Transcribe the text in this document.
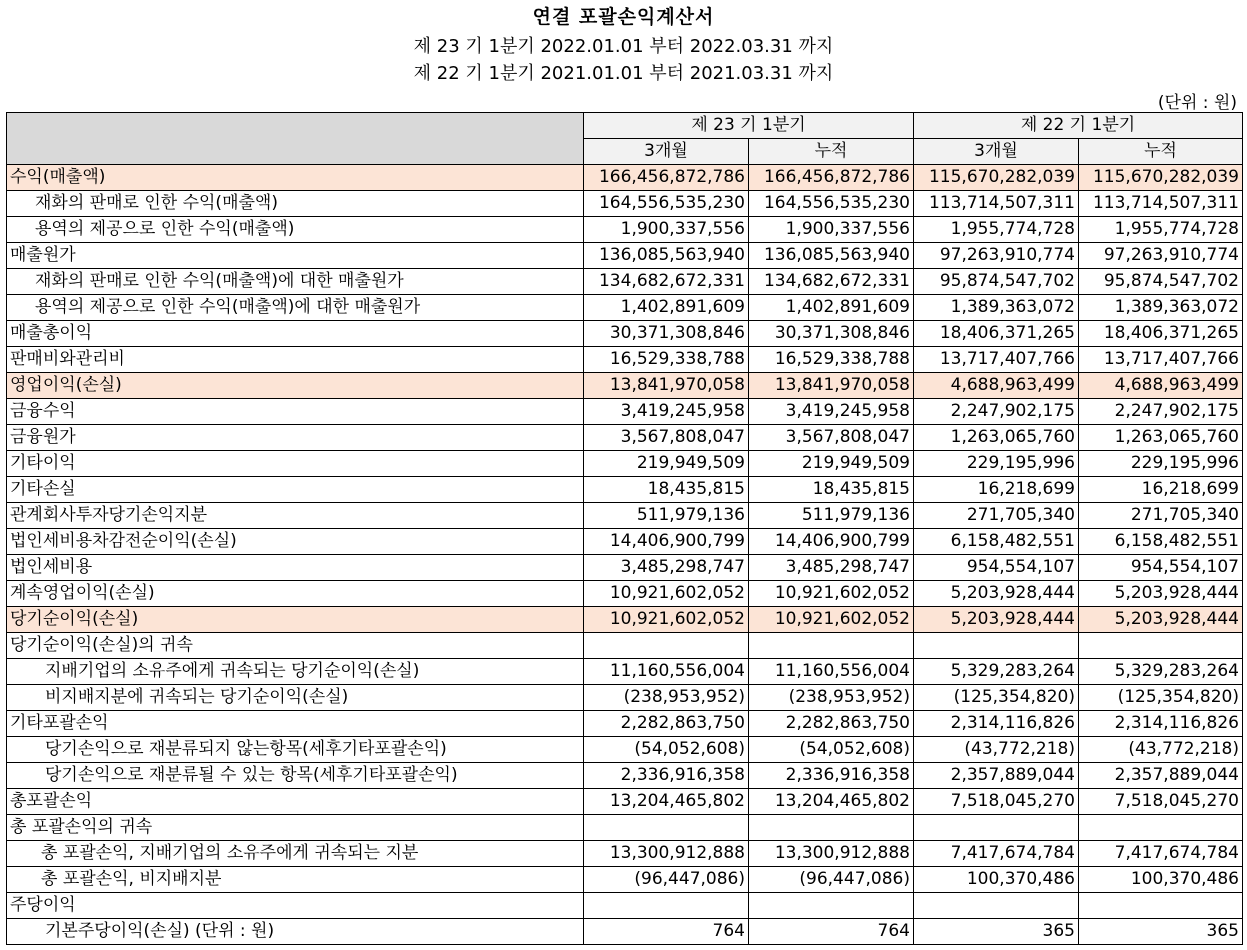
연결 포괄손익계산서
제 23 기 1분기 2022.01.01 부터 2022.03.31 까지
제 22 기 1분기 2021.01.01 부터 2021.03.31 까지
(단위 : 원)
	제 23 기 1분기		제 22 기 1분기	
	3개월	누적	3개월	누적
수익(매출액)	166,456,872,786	166,456,872,786	115,670,282,039	115,670,282,039
재화의 판매로 인한 수익(매출액)	164,556,535,230	164,556,535,230	113,714,507,311	113,714,507,311
용역의 제공으로 인한 수익(매출액)	1,900,337,556	1,900,337,556	1,955,774,728	1,955,774,728
매출원가	136,085,563,940	136,085,563,940	97,263,910,774	97,263,910,774
재화의 판매로 인한 수익(매출액)에 대한 매출원가	134,682,672,331	134,682,672,331	95,874,547,702	95,874,547,702
용역의 제공으로 인한 수익(매출액)에 대한 매출원가	1,402,891,609	1,402,891,609	1,389,363,072	1,389,363,072
매출총이익	30,371,308,846	30,371,308,846	18,406,371,265	18,406,371,265
판매비와관리비	16,529,338,788	16,529,338,788	13,717,407,766	13,717,407,766
영업이익(손실)	13,841,970,058	13,841,970,058	4,688,963,499	4,688,963,499
금융수익	3,419,245,958	3,419,245,958	2,247,902,175	2,247,902,175
금융원가	3,567,808,047	3,567,808,047	1,263,065,760	1,263,065,760
기타이익	219,949,509	219,949,509	229,195,996	229,195,996
기타손실	18,435,815	18,435,815	16,218,699	16,218,699
관계회사투자당기손익지분	511,979,136	511,979,136	271,705,340	271,705,340
법인세비용차감전순이익(손실)	14,406,900,799	14,406,900,799	6,158,482,551	6,158,482,551
법인세비용	3,485,298,747	3,485,298,747	954,554,107	954,554,107
계속영업이익(손실)	10,921,602,052	10,921,602,052	5,203,928,444	5,203,928,444
당기순이익(손실)	10,921,602,052	10,921,602,052	5,203,928,444	5,203,928,444
당기순이익(손실)의 귀속				
지배기업의 소유주에게 귀속되는 당기순이익(손실)	11,160,556,004	11,160,556,004	5,329,283,264	5,329,283,264
비지배지분에 귀속되는 당기순이익(손실)	(238,953,952)	(238,953,952)	(125,354,820)	(125,354,820)
기타포괄손익	2,282,863,750	2,282,863,750	2,314,116,826	2,314,116,826
당기손익으로 재분류되지 않는항목(세후기타포괄손익)	(54,052,608)	(54,052,608)	(43,772,218)	(43,772,218)
당기손익으로 재분류될 수 있는 항목(세후기타포괄손익)	2,336,916,358	2,336,916,358	2,357,889,044	2,357,889,044
총포괄손익	13,204,465,802	13,204,465,802	7,518,045,270	7,518,045,270
총 포괄손익의 귀속				
총 포괄손익, 지배기업의 소유주에게 귀속되는 지분	13,300,912,888	13,300,912,888	7,417,674,784	7,417,674,784
총 포괄손익, 비지배지분	(96,447,086)	(96,447,086)	100,370,486	100,370,486
주당이익				
기본주당이익(손실) (단위 : 원)	764	764	365	365
